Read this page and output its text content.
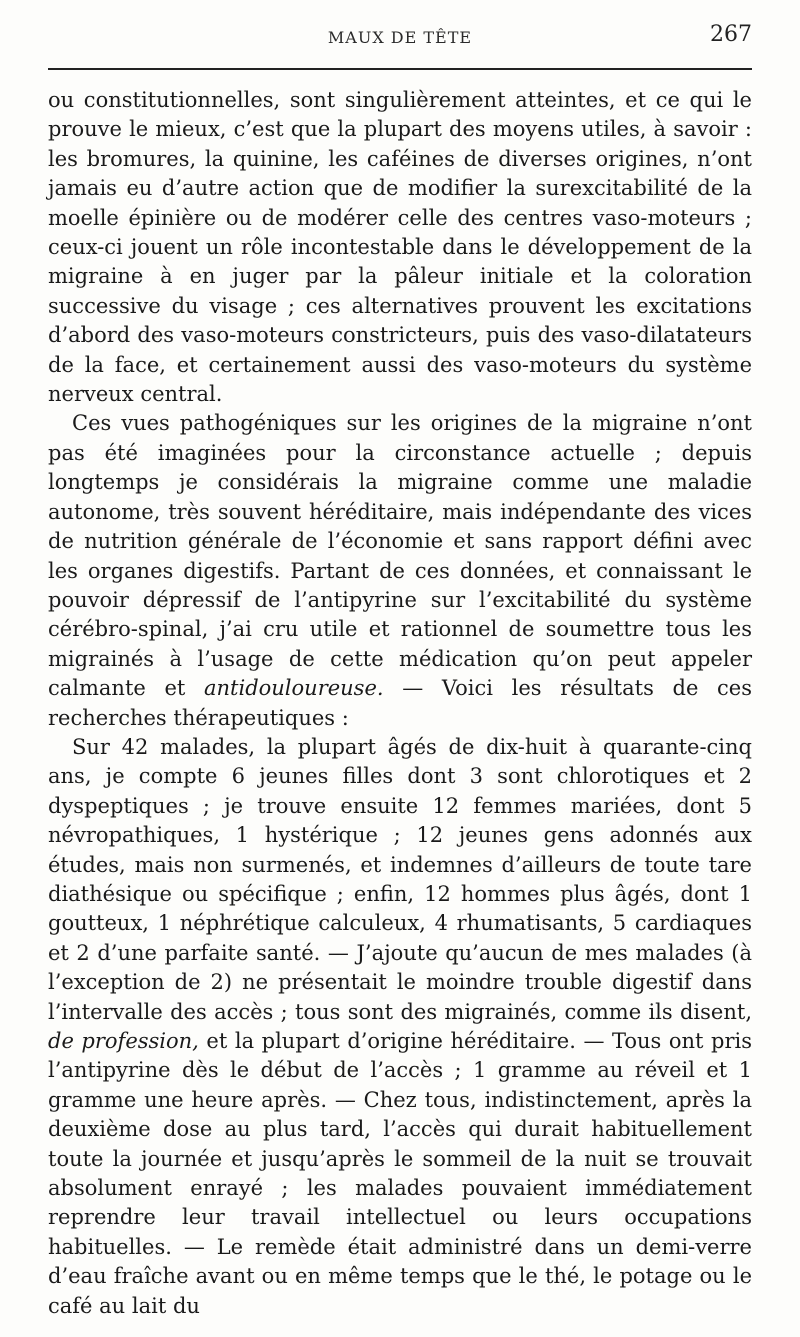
MAUX DE TÊTE	267

ou constitutionnelles, sont singulièrement atteintes, et ce qui le prouve le mieux, c’est que la plupart des moyens utiles, à savoir : les bromures, la quinine, les caféines de diverses origines, n’ont jamais eu d’autre action que de modifier la surexcitabilité de la moelle épinière ou de modérer celle des centres vaso-moteurs ; ceux-ci jouent un rôle incontestable dans le développement de la migraine à en juger par la pâleur initiale et la coloration successive du visage ; ces alternatives prouvent les excitations d’abord des vaso-moteurs constricteurs, puis des vaso-dilatateurs de la face, et certainement aussi des vaso-moteurs du système nerveux central.

Ces vues pathogéniques sur les origines de la migraine n’ont pas été imaginées pour la circonstance actuelle ; depuis longtemps je considérais la migraine comme une maladie autonome, très souvent héréditaire, mais indépendante des vices de nutrition générale de l’économie et sans rapport défini avec les organes digestifs. Partant de ces données, et connaissant le pouvoir dépressif de l’antipyrine sur l’excitabilité du système cérébro-spinal, j’ai cru utile et rationnel de soumettre tous les migrainés à l’usage de cette médication qu’on peut appeler calmante et antidouloureuse. — Voici les résultats de ces recherches thérapeutiques :

Sur 42 malades, la plupart âgés de dix-huit à quarante-cinq ans, je compte 6 jeunes filles dont 3 sont chlorotiques et 2 dyspeptiques ; je trouve ensuite 12 femmes mariées, dont 5 névropathiques, 1 hystérique ; 12 jeunes gens adonnés aux études, mais non surmenés, et indemnes d’ailleurs de toute tare diathésique ou spécifique ; enfin, 12 hommes plus âgés, dont 1 goutteux, 1 néphrétique calculeux, 4 rhumatisants, 5 cardiaques et 2 d’une parfaite santé. — J’ajoute qu’aucun de mes malades (à l’exception de 2) ne présentait le moindre trouble digestif dans l’intervalle des accès ; tous sont des migrainés, comme ils disent, de profession, et la plupart d’origine héréditaire. — Tous ont pris l’antipyrine dès le début de l’accès ; 1 gramme au réveil et 1 gramme une heure après. — Chez tous, indistinctement, après la deuxième dose au plus tard, l’accès qui durait habituellement toute la journée et jusqu’après le sommeil de la nuit se trouvait absolument enrayé ; les malades pouvaient immédiatement reprendre leur travail intellectuel ou leurs occupations habituelles. — Le remède était administré dans un demi-verre d’eau fraîche avant ou en même temps que le thé, le potage ou le café au lait du
